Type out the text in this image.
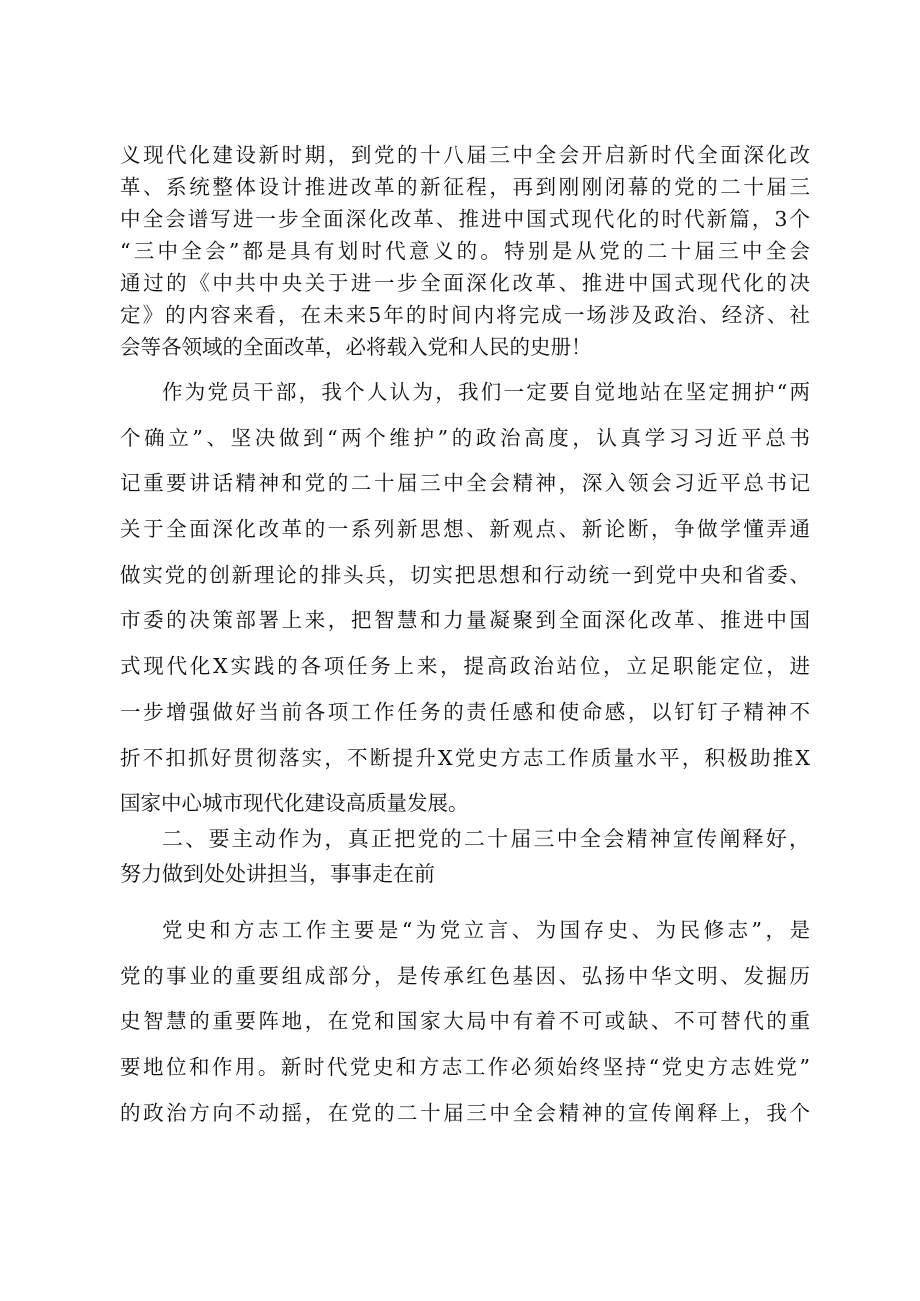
义现代化建设新时期，到党的十八届三中全会开启新时代全面深化改
革、系统整体设计推进改革的新征程，再到刚刚闭幕的党的二十届三
中全会谱写进一步全面深化改革、推进中国式现代化的时代新篇，3个
“三中全会”都是具有划时代意义的。特别是从党的二十届三中全会
通过的《中共中央关于进一步全面深化改革、推进中国式现代化的决
定》的内容来看，在未来5年的时间内将完成一场涉及政治、经济、社
会等各领域的全面改革，必将载入党和人民的史册！
作为党员干部，我个人认为，我们一定要自觉地站在坚定拥护“两
个确立”、坚决做到“两个维护”的政治高度，认真学习习近平总书
记重要讲话精神和党的二十届三中全会精神，深入领会习近平总书记
关于全面深化改革的一系列新思想、新观点、新论断，争做学懂弄通
做实党的创新理论的排头兵，切实把思想和行动统一到党中央和省委、
市委的决策部署上来，把智慧和力量凝聚到全面深化改革、推进中国
式现代化X实践的各项任务上来，提高政治站位，立足职能定位，进
一步增强做好当前各项工作任务的责任感和使命感，以钉钉子精神不
折不扣抓好贯彻落实，不断提升X党史方志工作质量水平，积极助推X
国家中心城市现代化建设高质量发展。
二、要主动作为，真正把党的二十届三中全会精神宣传阐释好，
努力做到处处讲担当，事事走在前
党史和方志工作主要是“为党立言、为国存史、为民修志”，是
党的事业的重要组成部分，是传承红色基因、弘扬中华文明、发掘历
史智慧的重要阵地，在党和国家大局中有着不可或缺、不可替代的重
要地位和作用。新时代党史和方志工作必须始终坚持“党史方志姓党”
的政治方向不动摇，在党的二十届三中全会精神的宣传阐释上，我个
